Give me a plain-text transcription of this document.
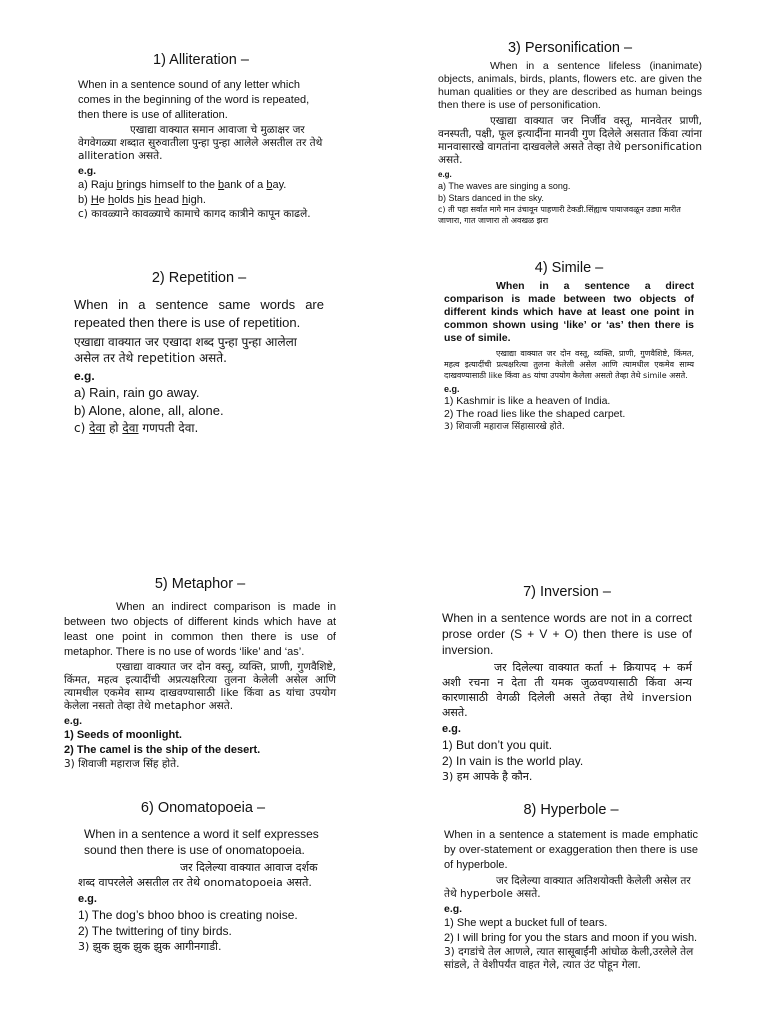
1) Alliteration –

When in a sentence sound of any letter which comes in the beginning of the word is repeated, then there is use of alliteration.

एखाद्या वाक्यात समान आवाजा चे मुळाक्षर जर वेगवेगळ्या शब्दात सुरुवातीला पुन्हा पुन्हा आलेले असतील तर तेथे alliteration असते.

e.g.

a) Raju brings himself to the bank of a bay.

b) He holds his head high.

c) कावळ्याने कावळ्याचे कामाचे कागद कात्रीने कापून काढले.

3) Personification –

When in a sentence lifeless (inanimate) objects, animals, birds, plants, flowers etc. are given the human qualities or they are described as human beings then there is use of personification.

एखाद्या वाक्यात जर निर्जीव वस्तू, मानवेतर प्राणी, वनस्पती, पक्षी, फूल इत्यादींना मानवी गुण दिलेले असतात किंवा त्यांना मानवासारखे वागतांना दाखवलेले असते तेव्हा तेथे personification असते.

e.g.

a) The waves are singing a song.

b) Stars danced in the sky.

c) ती पहा सर्वात मागे मान उंचावून पाहणारी टेकडी.सिंह्याच पायाजवळून उड्या मारीत जाणारा, गात जाणारा तो अवखळ झरा

2) Repetition –

When in a sentence same words are repeated then there is use of repetition.

एखाद्या वाक्यात जर एखादा शब्द पुन्हा पुन्हा आलेला असेल तर तेथे repetition असते.

e.g.

a) Rain, rain go away.

b) Alone, alone, all, alone.

c) देवा हो देवा गणपती देवा.

4) Simile –

When in a sentence a direct comparison is made between two objects of different kinds which have at least one point in common shown using ‘like’ or ‘as’ then there is use of simile.

एखाद्या वाक्यात जर दोन वस्तू, व्यक्ति, प्राणी, गुणवैशिष्टे, किंमत, महत्व इत्यादींची प्रत्यक्षरित्या तुलना केलेली असेल आणि त्यामधील एकमेव साम्य दाखवण्यासाठी like किंवा as यांचा उपयोग केलेला असतो तेव्हा तेथे simile असते.

e.g.

1) Kashmir is like a heaven of India.

2) The road lies like the shaped carpet.

3) शिवाजी महाराज सिंहासारखे होते.

5) Metaphor –

When an indirect comparison is made in between two objects of different kinds which have at least one point in common then there is use of metaphor. There is no use of words ‘like’ and ‘as’.

एखाद्या वाक्यात जर दोन वस्तू, व्यक्ति, प्राणी, गुणवैशिष्टे, किंमत, महत्व इत्यादींची अप्रत्यक्षरित्या तुलना केलेली असेल आणि त्यामधील एकमेव साम्य दाखवण्यासाठी like किंवा as यांचा उपयोग केलेला नसतो तेव्हा तेथे metaphor असते.

e.g.

1) Seeds of moonlight.

2) The camel is the ship of the desert.

3) शिवाजी महाराज सिंह होते.

7) Inversion –

When in a sentence words are not in a correct prose order (S + V + O) then there is use of inversion.

जर दिलेल्या वाक्यात कर्ता + क्रियापद + कर्म अशी रचना न देता ती यमक जुळवण्यासाठी किंवा अन्य कारणासाठी वेगळी दिलेली असते तेव्हा तेथे inversion असते.

e.g.

1) But don’t you quit.

2) In vain is the world play.

3) हम आपके है कौन.

6) Onomatopoeia –

When in a sentence a word it self expresses sound then there is use of onomatopoeia.

जर दिलेल्या वाक्यात आवाज दर्शक शब्द वापरलेले असतील तर तेथे onomatopoeia असते.

e.g.

1) The dog’s bhoo bhoo is creating noise.

2) The twittering of tiny birds.

3) झुक झुक झुक झुक आगीनगाडी.

8) Hyperbole –

When in a sentence a statement is made emphatic by over-statement or exaggeration then there is use of hyperbole.

जर दिलेल्या वाक्यात अतिशयोक्ती केलेली असेल तर तेथे hyperbole असते.

e.g.

1) She wept a bucket full of tears.

2) I will bring for you the stars and moon if you wish.

3) दगडांचे तेल आणले, त्यात सासूबाईंनी आंघोळ केली,उरलेले तेल सांडले, ते वेशीपर्यंत वाहत गेले, त्यात उंट पोहून गेला.
